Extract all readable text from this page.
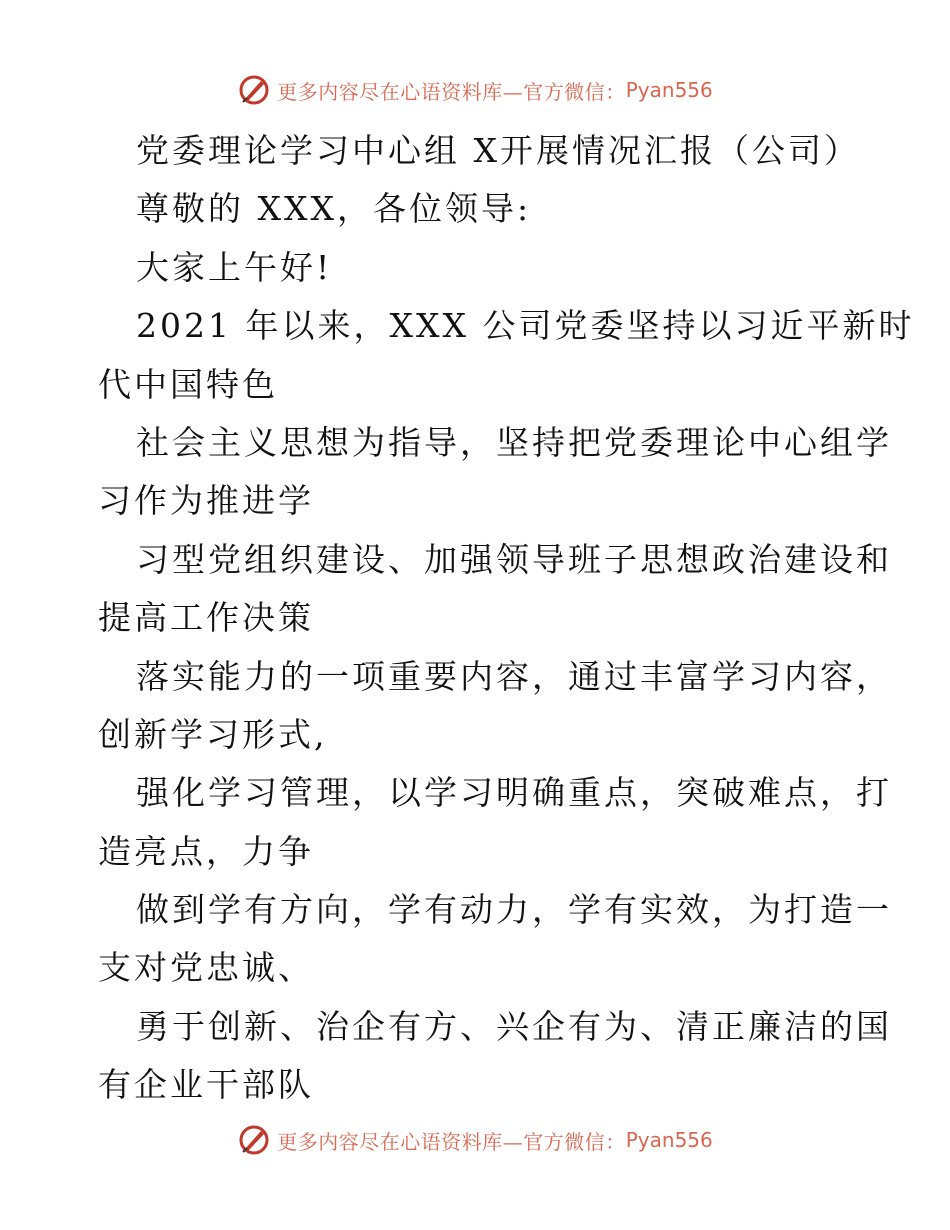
更多内容尽在心语资料库—官方微信： Pyan556
党委理论学习中心组 X开展情况汇报（公司）
尊敬的 XXX，各位领导:
大家上午好!
2021 年以来，XXX 公司党委坚持以习近平新时
代中国特色
社会主义思想为指导，坚持把党委理论中心组学
习作为推进学
习型党组织建设、加强领导班子思想政治建设和
提高工作决策
落实能力的一项重要内容，通过丰富学习内容，
创新学习形式,
强化学习管理，以学习明确重点，突破难点，打
造亮点，力争
做到学有方向，学有动力，学有实效，为打造一
支对党忠诚、
勇于创新、治企有方、兴企有为、清正廉洁的国
有企业干部队
更多内容尽在心语资料库—官方微信： Pyan556
